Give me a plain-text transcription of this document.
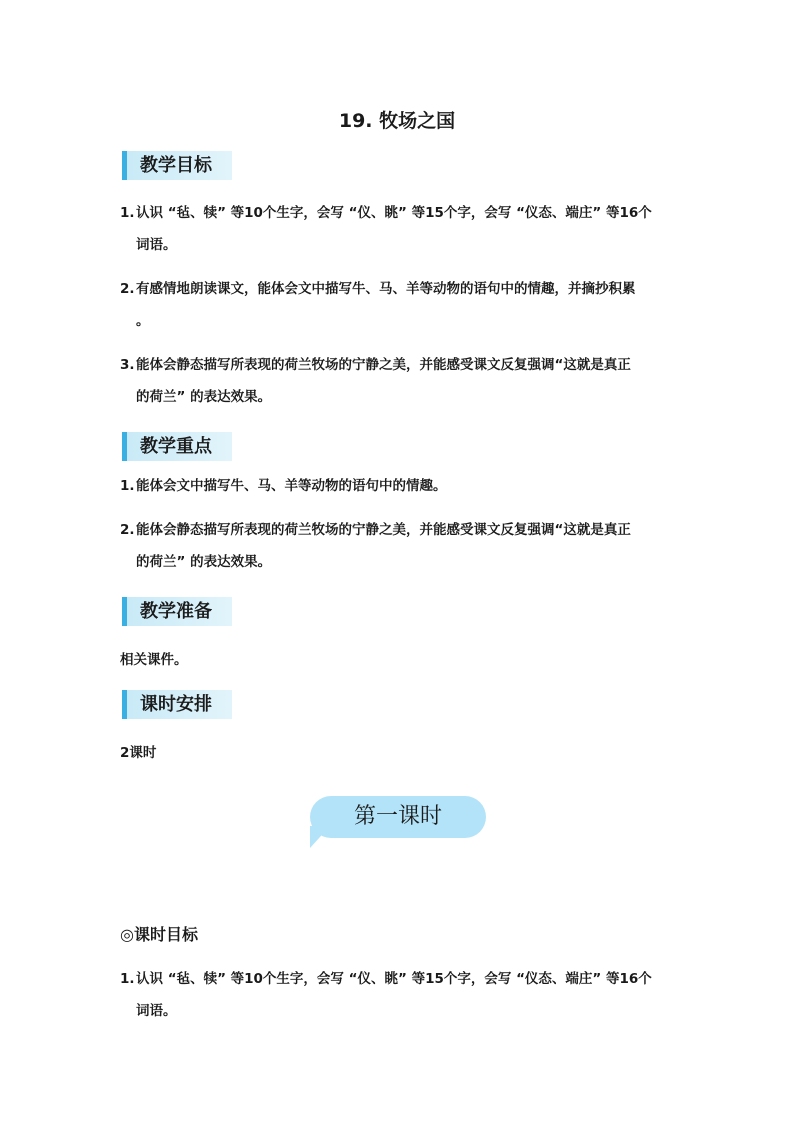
19. 牧场之国
教学目标

1.认识 “毡、犊” 等10个生字，会写 “仪、眺” 等15个字，会写 “仪态、端庄” 等16个
词语。

2.有感情地朗读课文，能体会文中描写牛、马、羊等动物的语句中的情趣，并摘抄积累
。

3.能体会静态描写所表现的荷兰牧场的宁静之美，并能感受课文反复强调“这就是真正
的荷兰” 的表达效果。

教学重点

1.能体会文中描写牛、马、羊等动物的语句中的情趣。

2.能体会静态描写所表现的荷兰牧场的宁静之美，并能感受课文反复强调“这就是真正
的荷兰” 的表达效果。

教学准备

相关课件。

课时安排

2课时

第一课时

◎课时目标

1.认识 “毡、犊” 等10个生字，会写 “仪、眺” 等15个字，会写 “仪态、端庄” 等16个
词语。
